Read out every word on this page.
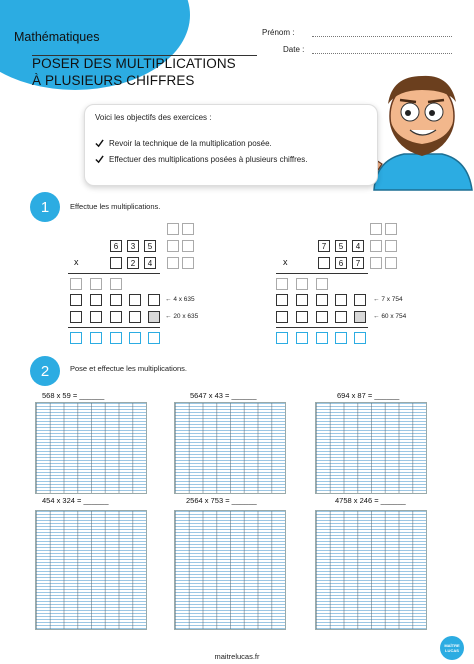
Mathématiques
POSER DES MULTIPLICATIONS
À PLUSIEURS CHIFFRES
Prénom :
Date :
Voici les objectifs des exercices :
Revoir la technique de la multiplication posée.
Effectuer des multiplications posées à plusieurs chiffres.
1	Effectue les multiplications.
6	3	5
x	2	4
← 4 x 635
← 20 x 635
7	5	4
x	6	7
← 7 x 754
← 60 x 754
2	Pose et effectue les multiplications.
568 x 59 = ______	5647 x 43 = ______	694 x 87 = ______
454 x 324 = ______	2564 x 753 = ______	4758 x 246 = ______
maitrelucas.fr
MAÎTRE
LUCAS
